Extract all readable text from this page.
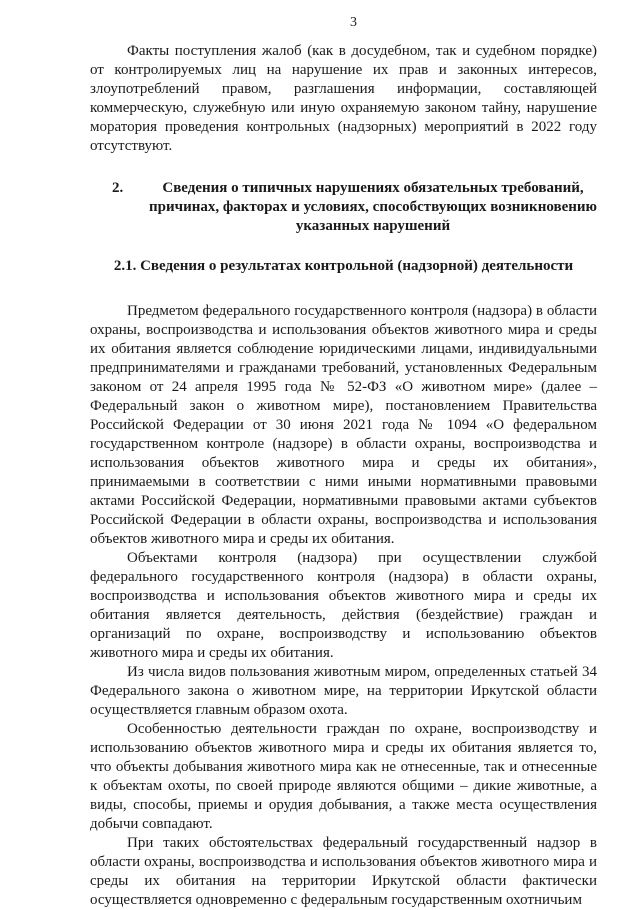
3

Факты поступления жалоб (как в досудебном, так и судебном порядке) от контролируемых лиц на нарушение их прав и законных интересов, злоупотреблений правом, разглашения информации, составляющей коммерческую, служебную или иную охраняемую законом тайну, нарушение моратория проведения контрольных (надзорных) мероприятий в 2022 году отсутствуют.

2.	Сведения о типичных нарушениях обязательных требований, причинах, факторах и условиях, способствующих возникновению указанных нарушений
2.1. Сведения о результатах контрольной (надзорной) деятельности

Предметом федерального государственного контроля (надзора) в области охраны, воспроизводства и использования объектов животного мира и среды их обитания является соблюдение юридическими лицами, индивидуальными предпринимателями и гражданами требований, установленных Федеральным законом от 24 апреля 1995 года № 52-ФЗ «О животном мире» (далее – Федеральный закон о животном мире), постановлением Правительства Российской Федерации от 30 июня 2021 года № 1094 «О федеральном государственном контроле (надзоре) в области охраны, воспроизводства и использования объектов животного мира и среды их обитания», принимаемыми в соответствии с ними иными нормативными правовыми актами Российской Федерации, нормативными правовыми актами субъектов Российской Федерации в области охраны, воспроизводства и использования объектов животного мира и среды их обитания.

Объектами контроля (надзора) при осуществлении службой федерального государственного контроля (надзора) в области охраны, воспроизводства и использования объектов животного мира и среды их обитания является деятельность, действия (бездействие) граждан и организаций по охране, воспроизводству и использованию объектов животного мира и среды их обитания.

Из числа видов пользования животным миром, определенных статьей 34 Федерального закона о животном мире, на территории Иркутской области осуществляется главным образом охота.

Особенностью деятельности граждан по охране, воспроизводству и использованию объектов животного мира и среды их обитания является то, что объекты добывания животного мира как не отнесенные, так и отнесенные к объектам охоты, по своей природе являются общими – дикие животные, а виды, способы, приемы и орудия добывания, а также места осуществления добычи совпадают.

При таких обстоятельствах федеральный государственный надзор в области охраны, воспроизводства и использования объектов животного мира и среды их обитания на территории Иркутской области фактически осуществляется одновременно с федеральным государственным охотничьим
